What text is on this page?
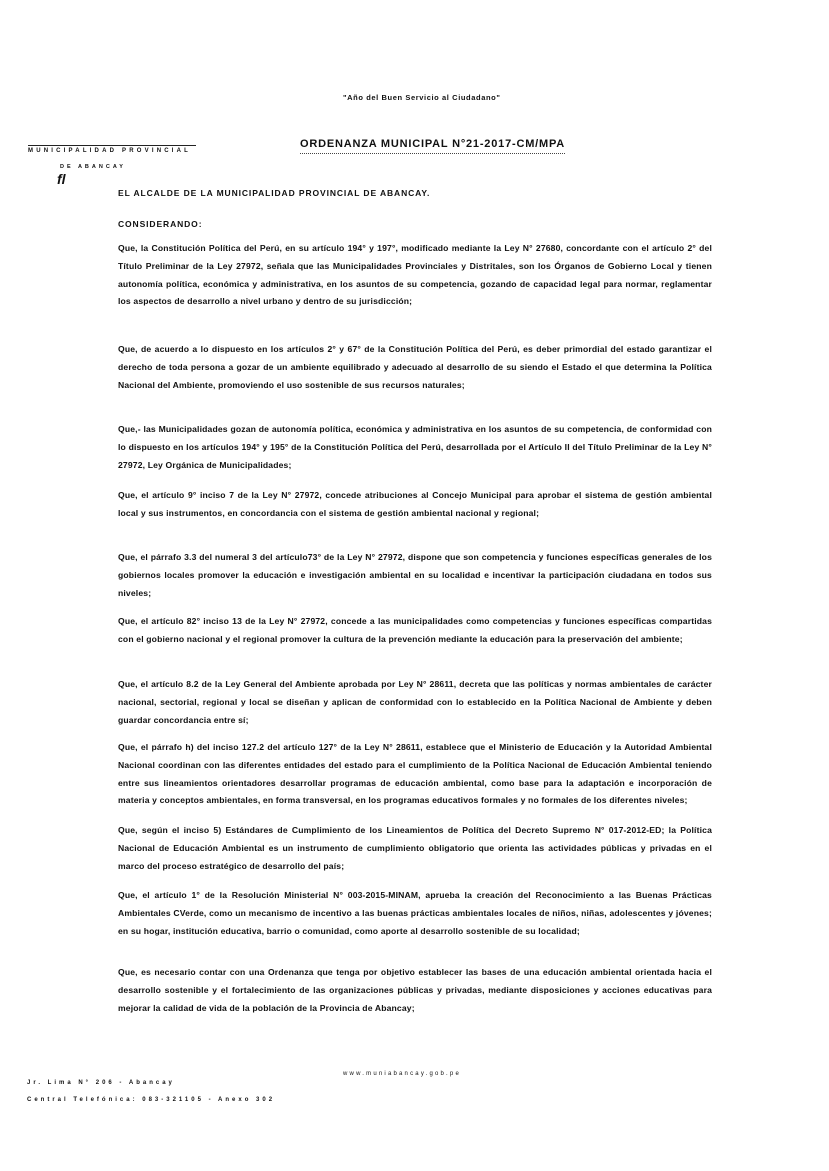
"Año del Buen Servicio al Ciudadano"
MUNICIPALIDAD PROVINCIAL
DE ABANCAY
fl
ORDENANZA MUNICIPAL N°21-2017-CM/MPA
EL ALCALDE DE LA MUNICIPALIDAD PROVINCIAL DE ABANCAY.
CONSIDERANDO:
Que, la Constitución Política del Perú, en su artículo 194° y 197°, modificado mediante la Ley N° 27680, concordante con el artículo 2° del Título Preliminar de la Ley 27972, señala que las Municipalidades Provinciales y Distritales, son los Órganos de Gobierno Local y tienen autonomía política, económica y administrativa, en los asuntos de su competencia, gozando de capacidad legal para normar, reglamentar los aspectos de desarrollo a nivel urbano y dentro de su jurisdicción;
Que, de acuerdo a lo dispuesto en los artículos 2° y 67° de la Constitución Política del Perú, es deber primordial del estado garantizar el derecho de toda persona a gozar de un ambiente equilibrado y adecuado al desarrollo de su siendo el Estado el que determina la Política Nacional del Ambiente, promoviendo el uso sostenible de sus recursos naturales;
Que,- las Municipalidades gozan de autonomía política, económica y administrativa en los asuntos de su competencia, de conformidad con lo dispuesto en los artículos 194° y 195° de la Constitución Política del Perú, desarrollada por el Artículo II del Título Preliminar de la Ley N° 27972, Ley Orgánica de Municipalidades;
Que, el artículo 9° inciso 7 de la Ley N° 27972, concede atribuciones al Concejo Municipal para aprobar el sistema de gestión ambiental local y sus instrumentos, en concordancia con el sistema de gestión ambiental nacional y regional;
Que, el párrafo 3.3 del numeral 3 del artículo73° de la Ley N° 27972, dispone que son competencia y funciones específicas generales de los gobiernos locales promover la educación e investigación ambiental en su localidad e incentivar la participación ciudadana en todos sus niveles;
Que, el artículo 82° inciso 13 de la Ley N° 27972, concede a las municipalidades como competencias y funciones específicas compartidas con el gobierno nacional y el regional promover la cultura de la prevención mediante la educación para la preservación del ambiente;
Que, el artículo 8.2 de la Ley General del Ambiente aprobada por Ley N° 28611, decreta que las políticas y normas ambientales de carácter nacional, sectorial, regional y local se diseñan y aplican de conformidad con lo establecido en la Política Nacional de Ambiente y deben guardar concordancia entre sí;
Que, el párrafo h) del inciso 127.2 del artículo 127° de la Ley N° 28611, establece que el Ministerio de Educación y la Autoridad Ambiental Nacional coordinan con las diferentes entidades del estado para el cumplimiento de la Política Nacional de Educación Ambiental teniendo entre sus lineamientos orientadores desarrollar programas de educación ambiental, como base para la adaptación e incorporación de materia y conceptos ambientales, en forma transversal, en los programas educativos formales y no formales de los diferentes niveles;
Que, según el inciso 5) Estándares de Cumplimiento de los Lineamientos de Política del Decreto Supremo N° 017-2012-ED; la Política Nacional de Educación Ambiental es un instrumento de cumplimiento obligatorio que orienta las actividades públicas y privadas en el marco del proceso estratégico de desarrollo del país;
Que, el artículo 1° de la Resolución Ministerial N° 003-2015-MINAM, aprueba la creación del Reconocimiento a las Buenas Prácticas Ambientales CVerde, como un mecanismo de incentivo a las buenas prácticas ambientales locales de niños, niñas, adolescentes y jóvenes; en su hogar, institución educativa, barrio o comunidad, como aporte al desarrollo sostenible de su localidad;
Que, es necesario contar con una Ordenanza que tenga por objetivo establecer las bases de una educación ambiental orientada hacia el desarrollo sostenible y el fortalecimiento de las organizaciones públicas y privadas, mediante disposiciones y acciones educativas para mejorar la calidad de vida de la población de la Provincia de Abancay;
www.muniabancay.gob.pe
Jr. Lima N° 206 - Abancay
Central Telefónica: 083-321105 - Anexo 302
